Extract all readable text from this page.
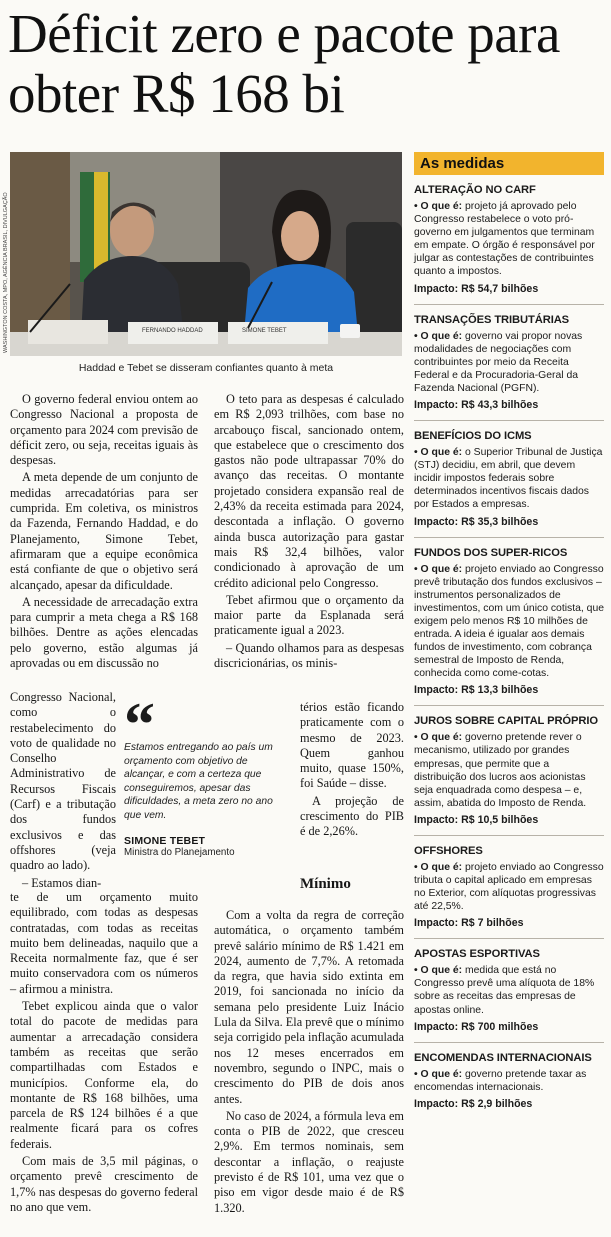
Déficit zero e pacote para obter R$ 168 bi
WASHINGTON COSTA, MPO, AGÊNCIA BRASIL, DIVULGAÇÃO	FERNANDO HADDAD	SIMONE TEBET
Haddad e Tebet se disseram confiantes quanto à meta

O governo federal enviou ontem ao Congresso Nacional a proposta de orçamento para 2024 com previsão de déficit zero, ou seja, receitas iguais às despesas.

A meta depende de um conjunto de medidas arrecadatórias para ser cumprida. Em coletiva, os ministros da Fazenda, Fernando Haddad, e do Planejamento, Simone Tebet, afirmaram que a equipe econômica está confiante de que o objetivo será alcançado, apesar da dificuldade.

A necessidade de arrecadação extra para cumprir a meta chega a R$ 168 bilhões. Dentre as ações elencadas pelo governo, estão algumas já aprovadas ou em discussão no

Congresso Nacional, como o restabelecimento do voto de qualidade no Conselho Administrativo de Recursos Fiscais (Carf) e a tributação dos fundos exclusivos e das offshores (veja quadro ao lado).

– Estamos dian-

“
Estamos entregando ao país um orçamento com objetivo de alcançar, e com a certeza que conseguiremos, apesar das dificuldades, a meta zero no ano que vem.
SIMONE TEBET
Ministra do Planejamento

te de um orçamento muito equilibrado, com todas as despesas contratadas, com todas as receitas muito bem delineadas, naquilo que a Receita normalmente faz, que é ser muito conservadora com os números – afirmou a ministra.

Tebet explicou ainda que o valor total do pacote de medidas para aumentar a arrecadação considera também as receitas que serão compartilhadas com Estados e municípios. Conforme ela, do montante de R$ 168 bilhões, uma parcela de R$ 124 bilhões é a que realmente ficará para os cofres federais.

Com mais de 3,5 mil páginas, o orçamento prevê crescimento de 1,7% nas despesas do governo federal no ano que vem.

O teto para as despesas é calculado em R$ 2,093 trilhões, com base no arcabouço fiscal, sancionado ontem, que estabelece que o crescimento dos gastos não pode ultrapassar 70% do avanço das receitas. O montante projetado considera expansão real de 2,43% da receita estimada para 2024, descontada a inflação. O governo ainda busca autorização para gastar mais R$ 32,4 bilhões, valor condicionado à aprovação de um crédito adicional pelo Congresso.

Tebet afirmou que o orçamento da maior parte da Esplanada será praticamente igual a 2023.

– Quando olhamos para as despesas discricionárias, os minis-

térios estão ficando praticamente com o mesmo de 2023. Quem ganhou muito, quase 150%, foi Saúde – disse.

A projeção de crescimento do PIB é de 2,26%.

Mínimo

Com a volta da regra de correção automática, o orçamento também prevê salário mínimo de R$ 1.421 em 2024, aumento de 7,7%. A retomada da regra, que havia sido extinta em 2019, foi sancionada no início da semana pelo presidente Luiz Inácio Lula da Silva. Ela prevê que o mínimo seja corrigido pela inflação acumulada nos 12 meses encerrados em novembro, segundo o INPC, mais o crescimento do PIB de dois anos antes.

No caso de 2024, a fórmula leva em conta o PIB de 2022, que cresceu 2,9%. Em termos nominais, sem descontar a inflação, o reajuste previsto é de R$ 101, uma vez que o piso em vigor desde maio é de R$ 1.320.

As medidas
ALTERAÇÃO NO CARF
• O que é: projeto já aprovado pelo Congresso restabelece o voto pró-governo em julgamentos que terminam em empate. O órgão é responsável por julgar as contestações de contribuintes quanto a impostos.
Impacto: R$ 54,7 bilhões
TRANSAÇÕES TRIBUTÁRIAS
• O que é: governo vai propor novas modalidades de negociações com contribuintes por meio da Receita Federal e da Procuradoria-Geral da Fazenda Nacional (PGFN).
Impacto: R$ 43,3 bilhões
BENEFÍCIOS DO ICMS
• O que é: o Superior Tribunal de Justiça (STJ) decidiu, em abril, que devem incidir impostos federais sobre determinados incentivos fiscais dados por Estados a empresas.
Impacto: R$ 35,3 bilhões
FUNDOS DOS SUPER-RICOS
• O que é: projeto enviado ao Congresso prevê tributação dos fundos exclusivos – instrumentos personalizados de investimentos, com um único cotista, que exigem pelo menos R$ 10 milhões de entrada. A ideia é igualar aos demais fundos de investimento, com cobrança semestral de Imposto de Renda, conhecida como come-cotas.
Impacto: R$ 13,3 bilhões
JUROS SOBRE CAPITAL PRÓPRIO
• O que é: governo pretende rever o mecanismo, utilizado por grandes empresas, que permite que a distribuição dos lucros aos acionistas seja enquadrada como despesa – e, assim, abatida do Imposto de Renda.
Impacto: R$ 10,5 bilhões
OFFSHORES
• O que é: projeto enviado ao Congresso tributa o capital aplicado em empresas no Exterior, com alíquotas progressivas até 22,5%.
Impacto: R$ 7 bilhões
APOSTAS ESPORTIVAS
• O que é: medida que está no Congresso prevê uma alíquota de 18% sobre as receitas das empresas de apostas online.
Impacto: R$ 700 milhões
ENCOMENDAS INTERNACIONAIS
• O que é: governo pretende taxar as encomendas internacionais.
Impacto: R$ 2,9 bilhões
